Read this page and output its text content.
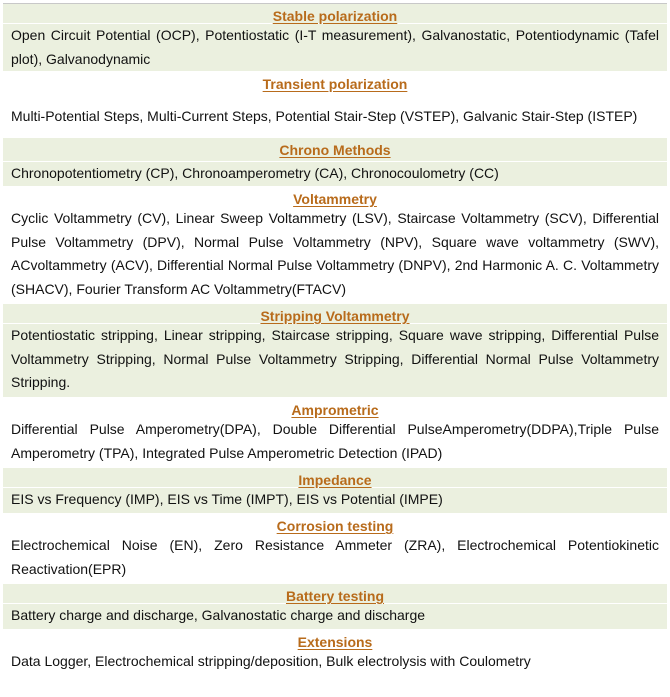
Stable polarization
Open Circuit Potential (OCP), Potentiostatic (I-T measurement), Galvanostatic, Potentiodynamic (Tafel plot), Galvanodynamic
Transient polarization
Multi-Potential Steps, Multi-Current Steps, Potential Stair-Step (VSTEP), Galvanic Stair-Step (ISTEP)
Chrono Methods
Chronopotentiometry (CP), Chronoamperometry (CA), Chronocoulometry (CC)
Voltammetry
Cyclic Voltammetry (CV), Linear Sweep Voltammetry (LSV), Staircase Voltammetry (SCV), Differential Pulse Voltammetry (DPV), Normal Pulse Voltammetry (NPV), Square wave voltammetry (SWV), ACvoltammetry (ACV), Differential Normal Pulse Voltammetry (DNPV), 2nd Harmonic A. C. Voltammetry (SHACV), Fourier Transform AC Voltammetry(FTACV)
Stripping Voltammetry
Potentiostatic stripping, Linear stripping, Staircase stripping, Square wave stripping, Differential Pulse Voltammetry Stripping, Normal Pulse Voltammetry Stripping, Differential Normal Pulse Voltammetry Stripping.
Amprometric
Differential Pulse Amperometry(DPA), Double Differential PulseAmperometry(DDPA),Triple Pulse Amperometry (TPA), Integrated Pulse Amperometric Detection (IPAD)
Impedance
EIS vs Frequency (IMP), EIS vs Time (IMPT), EIS vs Potential (IMPE)
Corrosion testing
Electrochemical Noise (EN), Zero Resistance Ammeter (ZRA), Electrochemical Potentiokinetic Reactivation(EPR)
Battery testing
Battery charge and discharge, Galvanostatic charge and discharge
Extensions
Data Logger, Electrochemical stripping/deposition, Bulk electrolysis with Coulometry
